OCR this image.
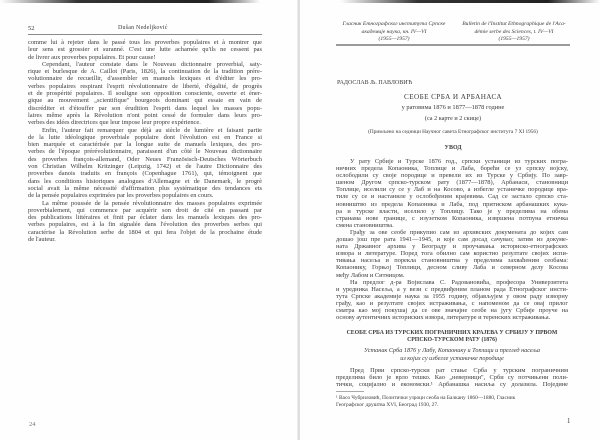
52	Dušan Nedeljković
comme lui à rejeter dans le passé tous les proverbes populaires et à montrer que
leur sens est grossier et suranné. C'est une lutte acharnée qu'ils ne cessent pas
de livrer aux proverbes populaires. Et pour cause!
Cependant, l'auteur constate dans le Nouveau dictionnaire proverbial, saty-
rique et burlesque de A. Caillot (Paris, 1826), la continuation de la tradition prére-
volutionnaire de recueillir, d'assembler en manuels lexiques et d'éditer les pro-
verbes populaires respirant l'esprit révolutionnaire de liberté, d'égalité, de progrès
et de prospérité populaires. Il souligne son opposition consciente, ouverte et éner-
gique au mouvement „scientifique" bourgeois dominant qui essaie en vain de
discréditer et d'étouffer par son érudition l'esprit dans lequel les masses popu-
laires même après la Révolution n'ont point cessé de formuler dans leurs pro-
verbes des idées directrices que leur impose leur propre expérience.
Enfin, l'auteur fait remarquer que déjà au siècle de lumière et faisant partie
de la lutte idéologique proverbiale populaire dont l'évolution est en France si
bien marquée et caractérisée par la longue suite de manuels lexiques, des pro-
verbes de l'époque prérévolutionnaire, paraissent d'un côté le Nouveau dictionnaire
des proverbes françois-allemand, Oder Neues Französisch-Deutsches Wörterbuch
von Christian Wilhelm Kritzinger (Leipzig, 1742) et de l'autre Dictionnaire des
proverbes danois traduits en françois (Copenhague 1761), qui, témoignent que
dans les conditions historiques analogues d'Allemagne et de Danemark, le progrè
social avait la même nécessité d'affirmation plus systématique des tendances ets
de la pensée populaires exprimées par les proverbes populaires en cours.
La même poussée de la pensée révolutionnaire des masses populaires exprimée
proverbialement, qui commence par acquérir son droit de cité en passant par
des publications littéraires et finit par éclater dans les manuels lexiques des pro-
verbes populaires, est à la fin signalée dans l'évolution des proverbes serbes qui
caractérise la Révolution serbe de 1804 et qui fera l'objet de la prochaine étude
de l'auteur.
24
Гласник Етнографског института Српске
академије наука, кн. IV—VI
(1955—1957)
Bulletin de l'Institut Ethnographique de l'Aca-
démie serbe des Sciences, t. IV—VI
(1955—1957)
РАДОСЛАВ Љ. ПАВЛОВИЋ
СЕОБЕ СРБА И АРБАНАСА
у ратовима 1876 и 1877—1878 године
(са 2 карте и 2 скице)
(Примљено на седници Научног савета Етнографског института 7 XI 1956)
УВОД
У рату Србије и Турске 1876 год., српски устаници из турских погра-
ничних предела Копаоника, Топлице и Лаба, борећи се уз српску војску,
ослободили су своје породице и превели их из Турске у Србију. По завр-
шеном Другом српско-турском рату (1877—1878), Арбанаси, становници
Топлице, иселили су се у Лаб и на Косово, а избегле устаничке породице вра-
тиле су се и настаниле у ослобођеним крајевима. Сад се засталo српско ста-
новништво из предела Копаоника и Лаба, под притиском арбанашких кука-
ра и турске власти, иселило у Топлицу. Тако је у пределима на обема
странама нове границе, с изузетком Копаоника, извршена потпуна етничка
смена становништва.
Грађу за ове сеобе прикупио сам из архивских докумената до којих сам
дошао још пре рата 1941—1945, и које сам досад сачувао; затим из докуме-
ната Државног архива у Београду и проучавања историско-етнографских
извора и литературе. Поред тога обилно сам користио резултате својих испи-
тивања насеља и порекла становништва у пределима захваћеним сеобама:
Копаонику, Горњој Топлици, десном сливу Лаба и северном делу Косова
међу Лабом и Ситницом.
На предлог д-ра Војислава С. Радовановића, професора Универзитета
и уредника Насеља, а у вези с предвиђеним планом рада Етнографског инсти-
тута Српске академије наука за 1955 годину, објављујем у овом раду изворну
грађу, као и резултате својих истраживања, с напоменом да се овај прилог
сматра као мој покушај да се ове значајне сеобе на југу Србије проуче на
основу аутентичних историских извора, литературе и теренских истраживања.
СЕОБЕ СРБА ИЗ ТУРСКИХ ПОГРАНИЧНИХ КРАЈЕВА У СРБИЈУ У ПРВОМ
СРПСКО-ТУРСКОМ РАТУ (1876)
Устанак Срба 1876 у Лабу, Копаонику и Топлици и преглед насеља
из којих су избегле устаничке породице
Пред Први српско-турски рат стање Срба у турским пограничним
пределима било је врло тешко. Као „неверници", Срби су потчињени поли-
тички, социјално и економски.¹ Арбанашка насиља су долазила. Поједине
¹ Васо Чубриловић, Политички узроци сеоба на Балкану 1860—1880, Гласник
Географског друштва XVI, Београд 1930, 27.
1
